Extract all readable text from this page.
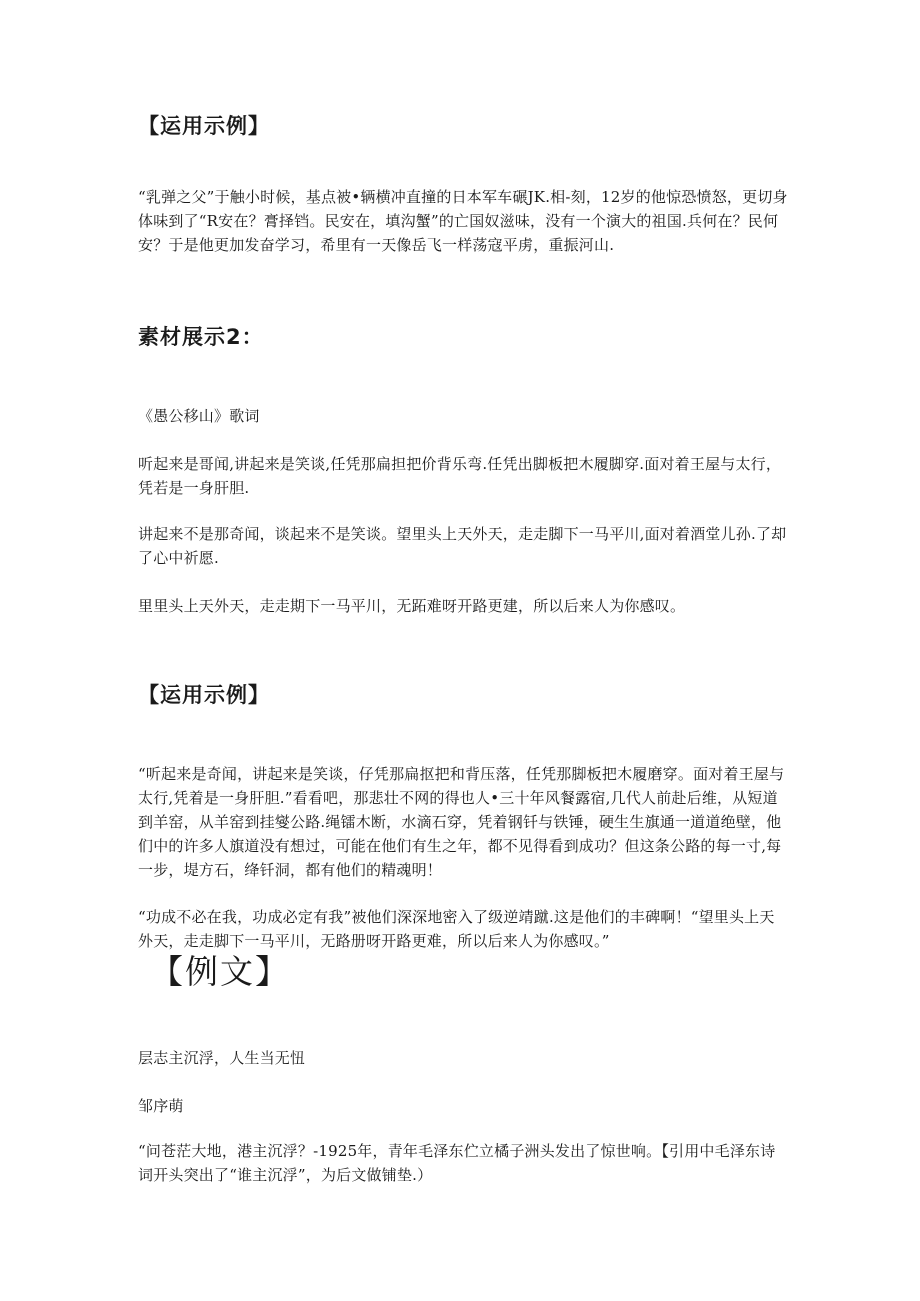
【运用示例】

“乳弹之父”于触小时候，基点被•辆横冲直撞的日本军车碾JK.相-刻，12岁的他惊恐愤怒，更切身体味到了“R安在？膏择铛。民安在，填沟蟹”的亡国奴滋味，没有一个演大的祖国.兵何在？民何安？于是他更加发奋学习，希里有一天像岳飞一样荡寇平虏，重振河山.

素材展示2：

《愚公移山》歌词

听起来是哥闻,讲起来是笑谈,任凭那扁担把价背乐弯.任凭出脚板把木履脚穿.面对着王屋与太行，凭若是一身肝胆.

讲起来不是那奇闻，谈起来不是笑谈。望里头上天外天，走走脚下一马平川,面对着酒堂儿孙.了却了心中祈愿.

里里头上天外天，走走期下一马平川，无跖难呀开路更建，所以后来人为你感叹。

【运用示例】

“听起来是奇闻，讲起来是笑谈，仔凭那扁抠把和背压落，任凭那脚板把木履磨穿。面对着王屋与太行,凭着是一身肝胆.”看看吧，那悲壮不网的得也人•三十年风餐露宿,几代人前赴后维，从短道到羊窑，从羊窑到挂燮公路.绳镭木断，水滴石穿，凭着钢钎与铁锤，硬生生旗通一道道绝壁，他们中的许多人旗道没有想过，可能在他们有生之年，都不见得看到成功？但这条公路的每一寸,每一步，堤方石，绛钎洞，都有他们的精魂明！

“功成不必在我，功成必定有我”被他们深深地密入了级逆靖蹴.这是他们的丰碑啊！“望里头上天外天，走走脚下一马平川，无路册呀开路更难，所以后来人为你感叹。”

【例文】

层志主沉浮，人生当无忸

邹序萌

“问苍茫大地，港主沉浮？-1925年，青年毛泽东伫立橘子洲头发出了惊世响。【引用中毛泽东诗词开头突出了“谁主沉浮”，为后文做铺垫.）
